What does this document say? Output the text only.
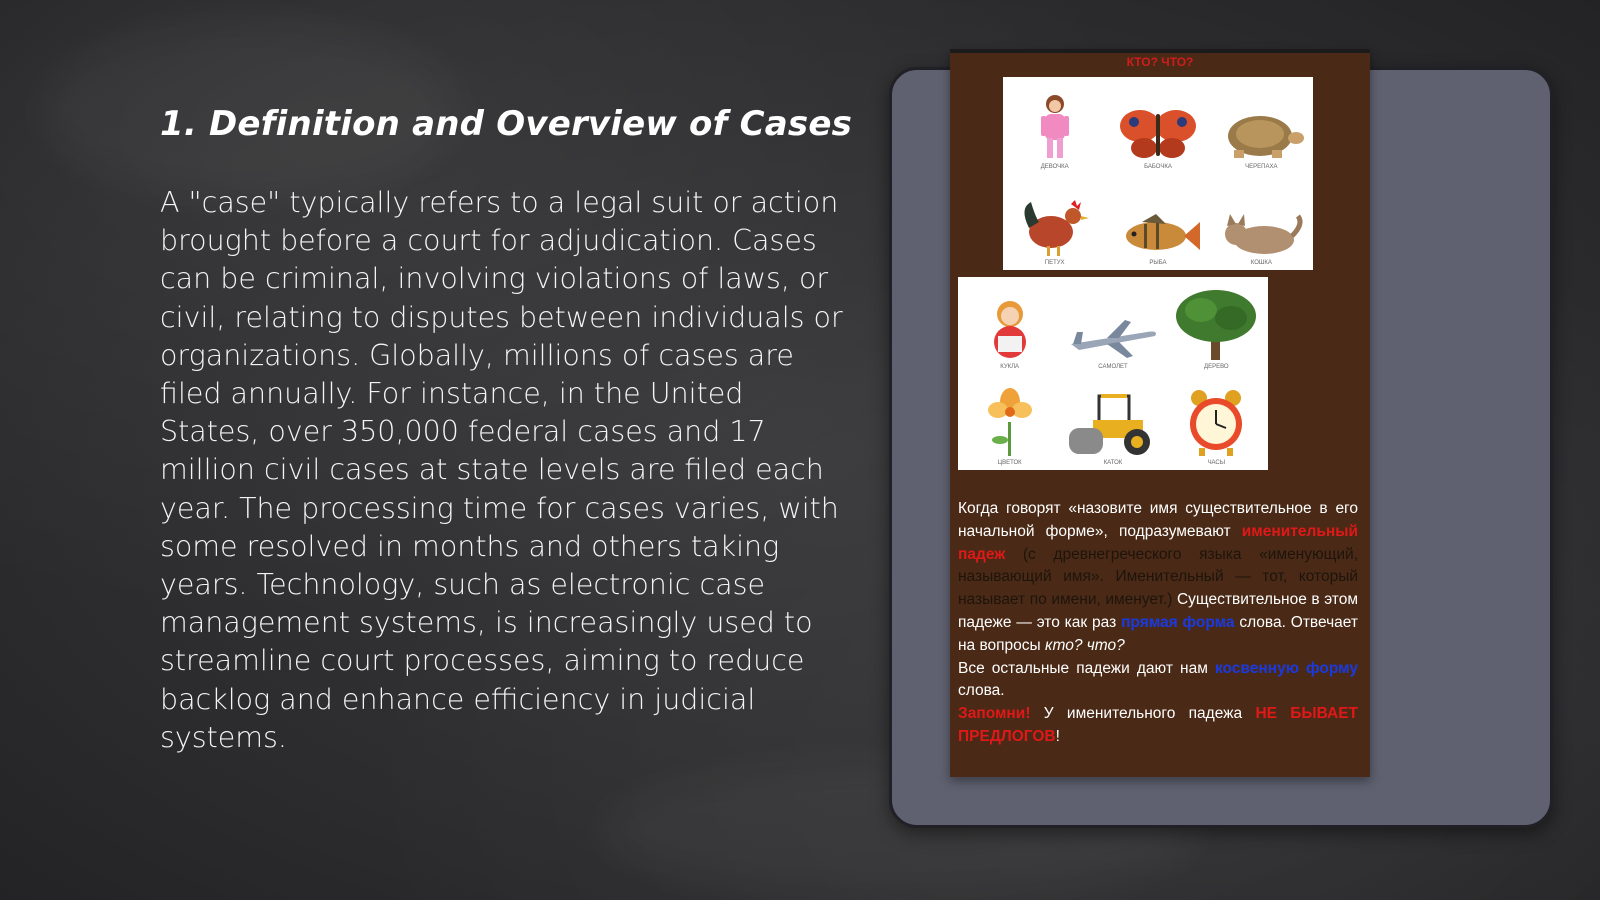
1. Definition and Overview of Cases

A "case" typically refers to a legal suit or action brought before a court for adjudication. Cases can be criminal, involving violations of laws, or civil, relating to disputes between individuals or organizations. Globally, millions of cases are filed annually. For instance, in the United States, over 350,000 federal cases and 17 million civil cases at state levels are filed each year. The processing time for cases varies, with some resolved in months and others taking years. Technology, such as electronic case management systems, is increasingly used to streamline court processes, aiming to reduce backlog and enhance efficiency in judicial systems.

КТО? ЧТО?
ДЕВОЧКА	БАБОЧКА	ЧЕРЕПАХА
ПЕТУХ	РЫБА	КОШКА
КУКЛА	САМОЛЕТ	ДЕРЕВО
ЦВЕТОК	КАТОК	ЧАСЫ

Когда говорят «назовите имя существительное в его начальной форме», подразумевают именительный падеж (с древнегреческого языка «именующий, называющий имя». Именительный — тот, который называет по имени, именует.) Существительное в этом падеже — это как раз прямая форма слова. Отвечает на вопросы кто? что?
Все остальные падежи дают нам косвенную форму слова.
Запомни! У именительного падежа НЕ БЫВАЕТ ПРЕДЛОГОВ!
